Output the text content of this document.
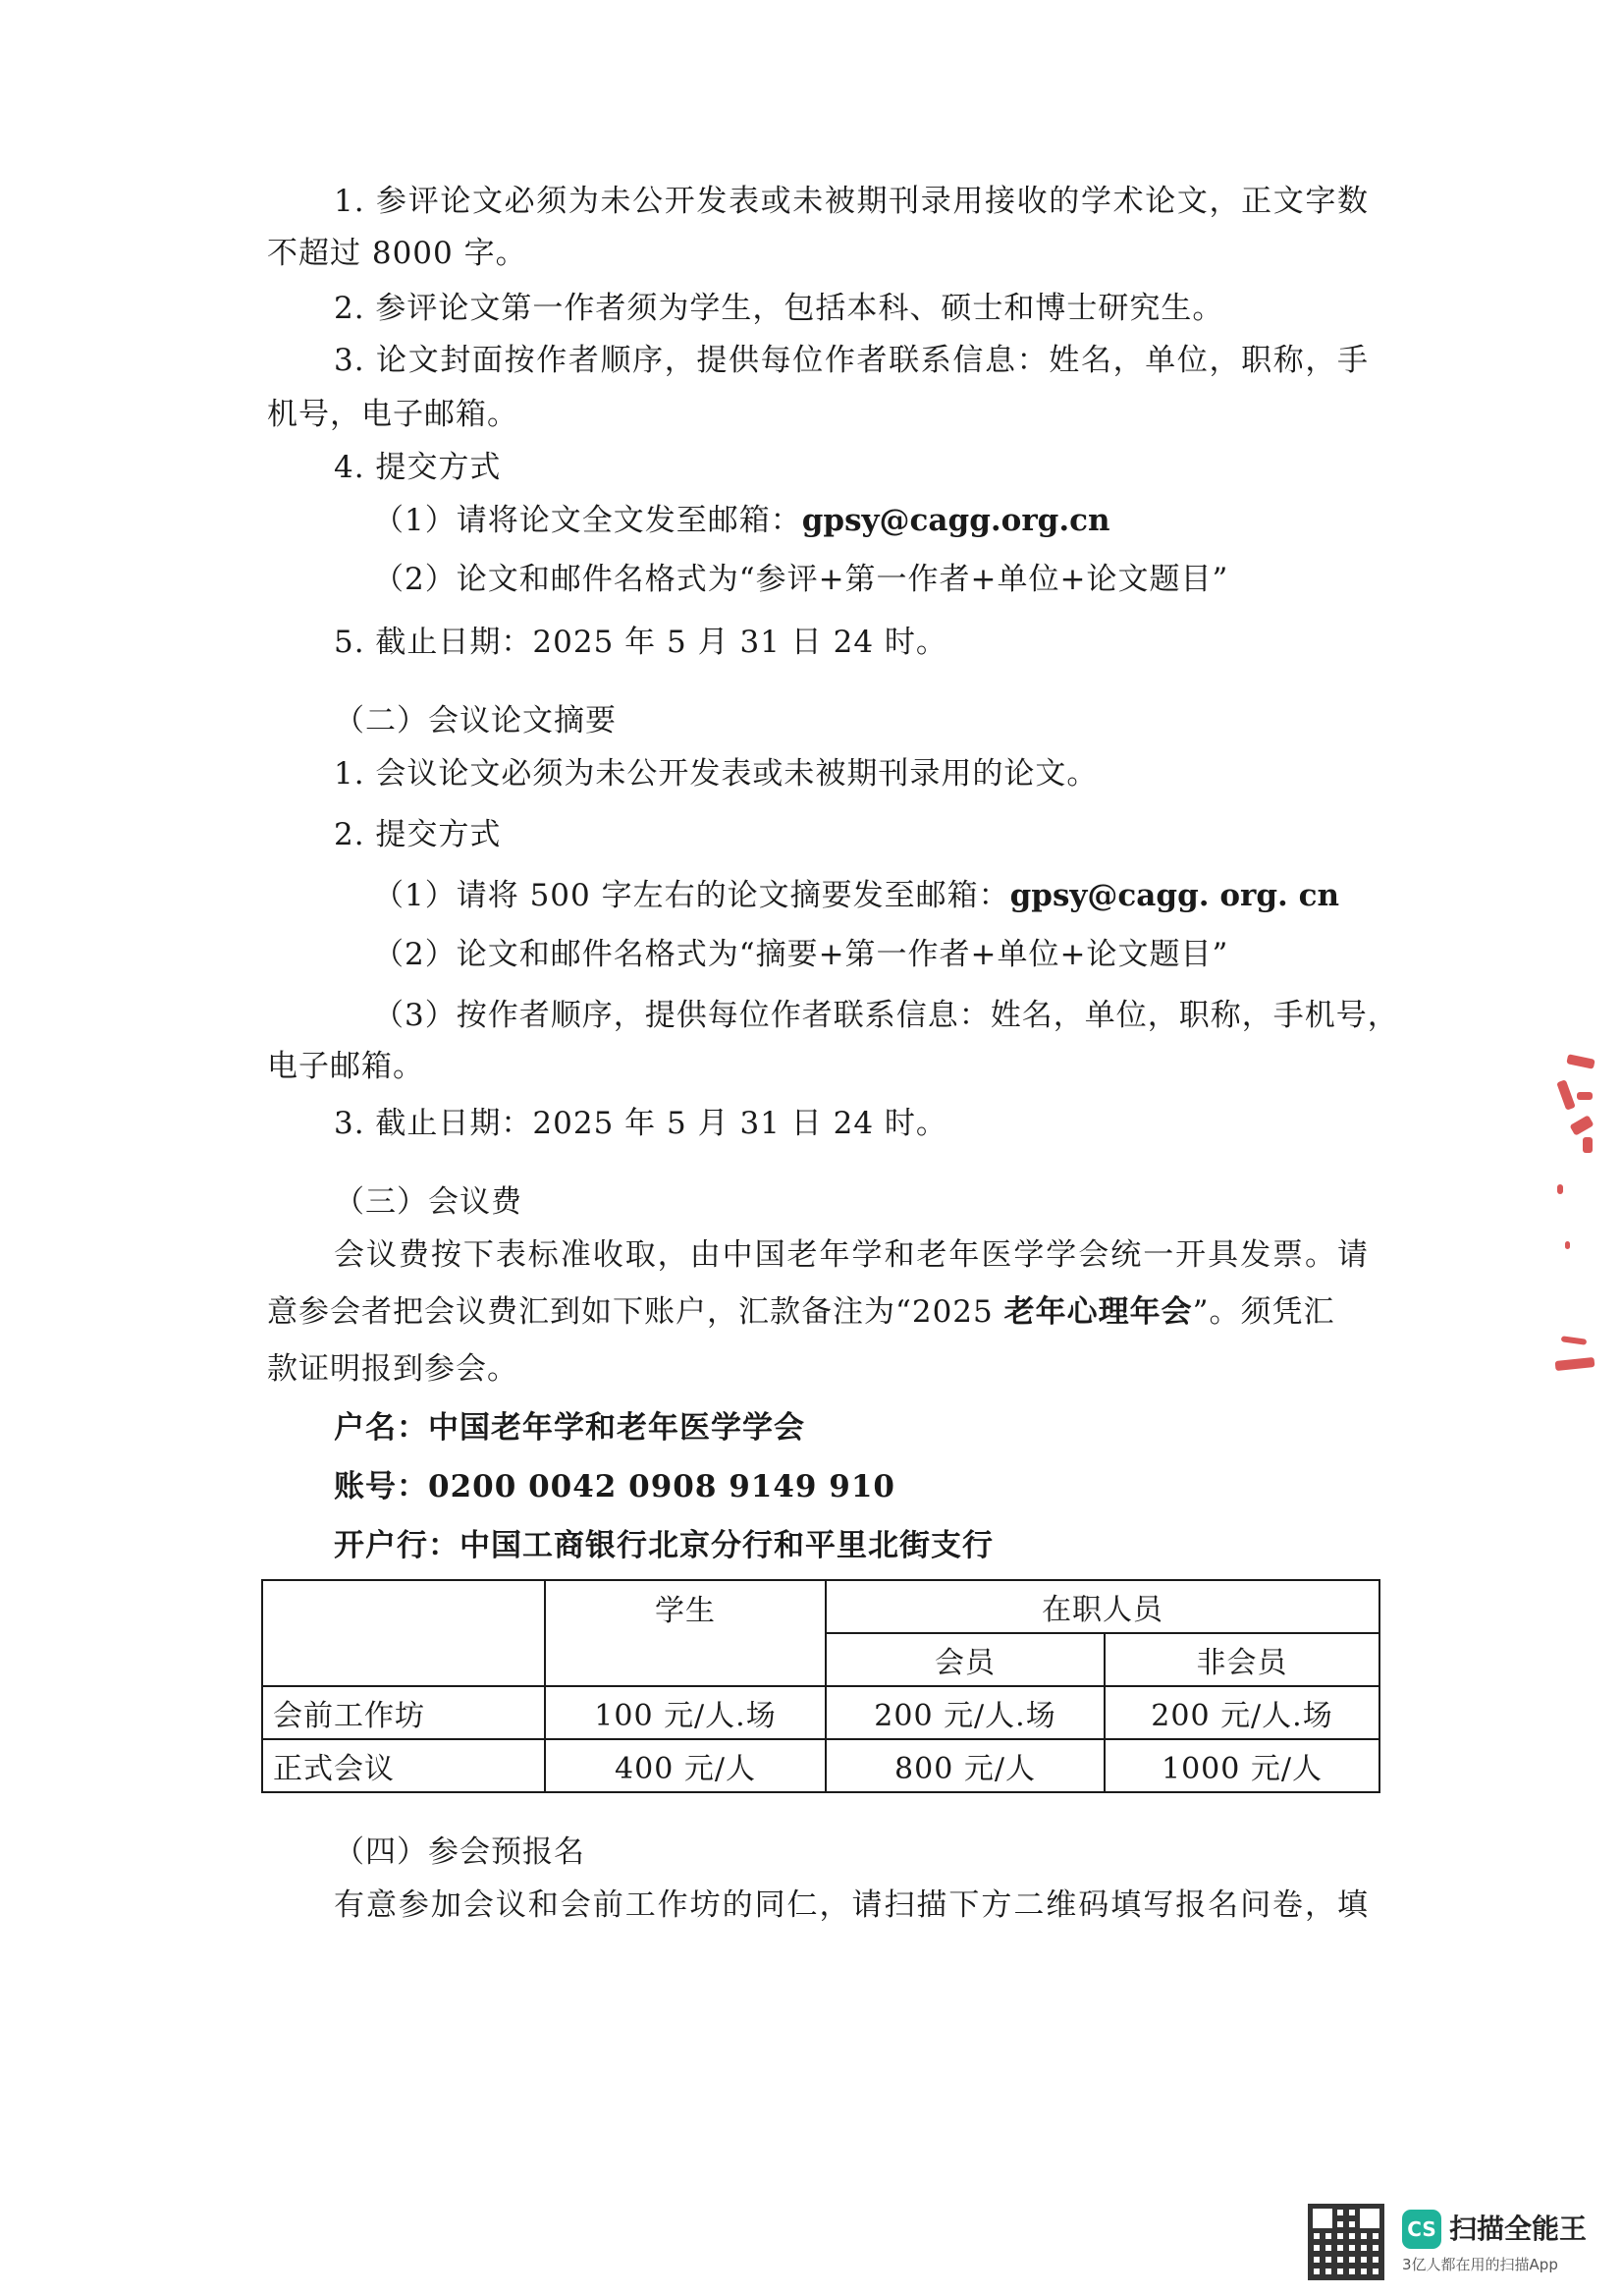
1. 参评论文必须为未公开发表或未被期刊录用接收的学术论文，正文字数
不超过 8000 字。
2. 参评论文第一作者须为学生，包括本科、硕士和博士研究生。
3. 论文封面按作者顺序，提供每位作者联系信息：姓名，单位，职称，手
机号，电子邮箱。
4. 提交方式
（1）请将论文全文发至邮箱：gpsy@cagg.org.cn
（2）论文和邮件名格式为“参评+第一作者+单位+论文题目”
5. 截止日期：2025 年 5 月 31 日 24 时。
（二）会议论文摘要
1. 会议论文必须为未公开发表或未被期刊录用的论文。
2. 提交方式
（1）请将 500 字左右的论文摘要发至邮箱：gpsy@cagg. org. cn
（2）论文和邮件名格式为“摘要+第一作者+单位+论文题目”
（3）按作者顺序，提供每位作者联系信息：姓名，单位，职称，手机号，
电子邮箱。
3. 截止日期：2025 年 5 月 31 日 24 时。
（三）会议费
会议费按下表标准收取，由中国老年学和老年医学学会统一开具发票。请
意参会者把会议费汇到如下账户，汇款备注为“2025 老年心理年会”。须凭汇
款证明报到参会。
户名：中国老年学和老年医学学会
账号：0200 0042 0908 9149 910
开户行：中国工商银行北京分行和平里北街支行
	学生	在职人员	
		会员	非会员
会前工作坊	100 元/人.场	200 元/人.场	200 元/人.场
正式会议	400 元/人	800 元/人	1000 元/人
（四）参会预报名
有意参加会议和会前工作坊的同仁，请扫描下方二维码填写报名问卷，填
CS 扫描全能王
3亿人都在用的扫描App
